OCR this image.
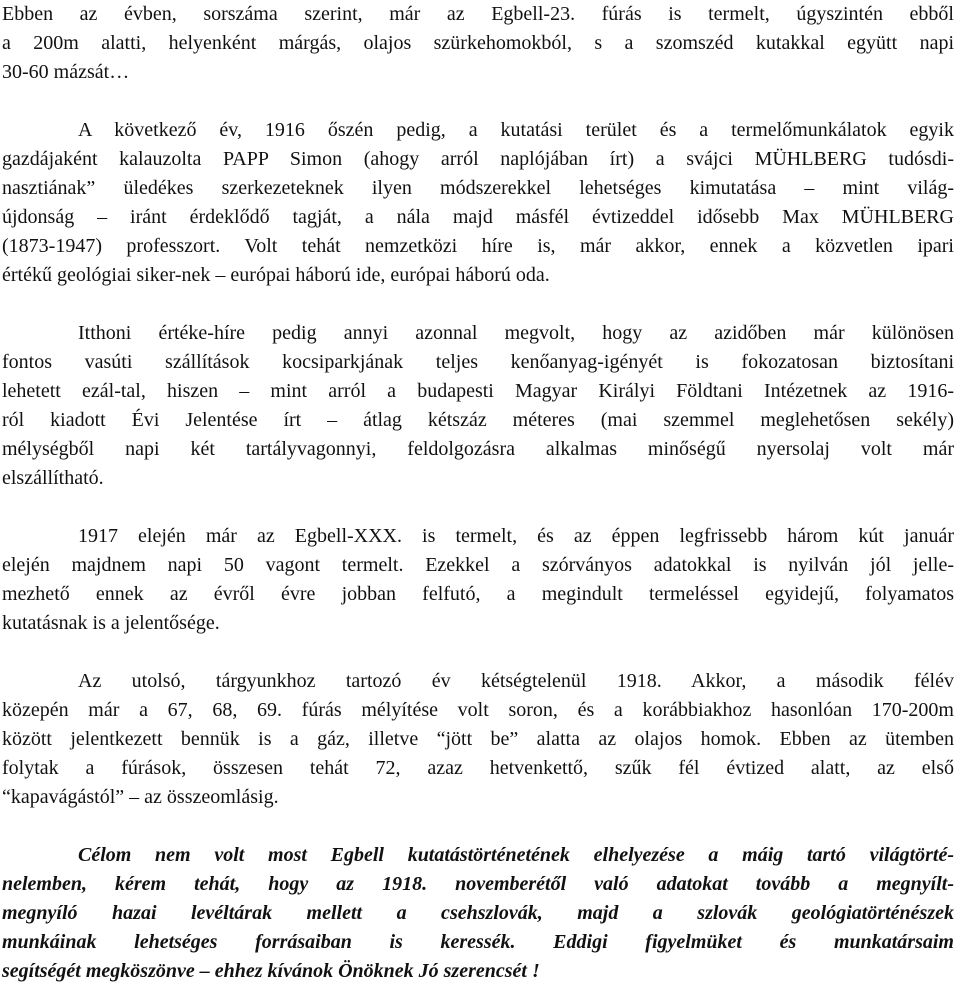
Ebben az évben, sorszáma szerint, már az Egbell-23. fúrás is termelt, úgyszintén ebből
a 200m alatti, helyenként márgás, olajos szürkehomokból, s a szomszéd kutakkal együtt napi
30-60 mázsát…

A következő év, 1916 őszén pedig, a kutatási terület és a termelőmunkálatok egyik
gazdájaként kalauzolta PAPP Simon (ahogy arról naplójában írt) a svájci MÜHLBERG tudósdi-
nasztiának” üledékes szerkezeteknek ilyen módszerekkel lehetséges kimutatása – mint világ-
újdonság – iránt érdeklődő tagját, a nála majd másfél évtizeddel idősebb Max MÜHLBERG
(1873-1947) professzort. Volt tehát nemzetközi híre is, már akkor, ennek a közvetlen ipari
értékű geológiai siker-nek – európai háború ide, európai háború oda.

Itthoni értéke-híre pedig annyi azonnal megvolt, hogy az azidőben már különösen
fontos vasúti szállítások kocsiparkjának teljes kenőanyag-igényét is fokozatosan biztosítani
lehetett ezál-tal, hiszen – mint arról a budapesti Magyar Királyi Földtani Intézetnek az 1916-
ról kiadott Évi Jelentése írt – átlag kétszáz méteres (mai szemmel meglehetősen sekély)
mélységből napi két tartályvagonnyi, feldolgozásra alkalmas minőségű nyersolaj volt már
elszállítható.

1917 elején már az Egbell-XXX. is termelt, és az éppen legfrissebb három kút január
elején majdnem napi 50 vagont termelt. Ezekkel a szórványos adatokkal is nyilván jól jelle-
mezhető ennek az évről évre jobban felfutó, a megindult termeléssel egyidejű, folyamatos
kutatásnak is a jelentősége.

Az utolsó, tárgyunkhoz tartozó év kétségtelenül 1918. Akkor, a második félév
közepén már a 67, 68, 69. fúrás mélyítése volt soron, és a korábbiakhoz hasonlóan 170-200m
között jelentkezett bennük is a gáz, illetve “jött be” alatta az olajos homok. Ebben az ütemben
folytak a fúrások, összesen tehát 72, azaz hetvenkettő, szűk fél évtized alatt, az első
“kapavágástól” – az összeomlásig.

Célom nem volt most Egbell kutatástörténetének elhelyezése a máig tartó világtörté-
nelemben, kérem tehát, hogy az 1918. novemberétől való adatokat tovább a megnyílt-
megnyíló hazai levéltárak mellett a csehszlovák, majd a szlovák geológiatörténészek
munkáinak lehetséges forrásaiban is keressék. Eddigi figyelmüket és munkatársaim
segítségét megköszönve – ehhez kívánok Önöknek Jó szerencsét !
